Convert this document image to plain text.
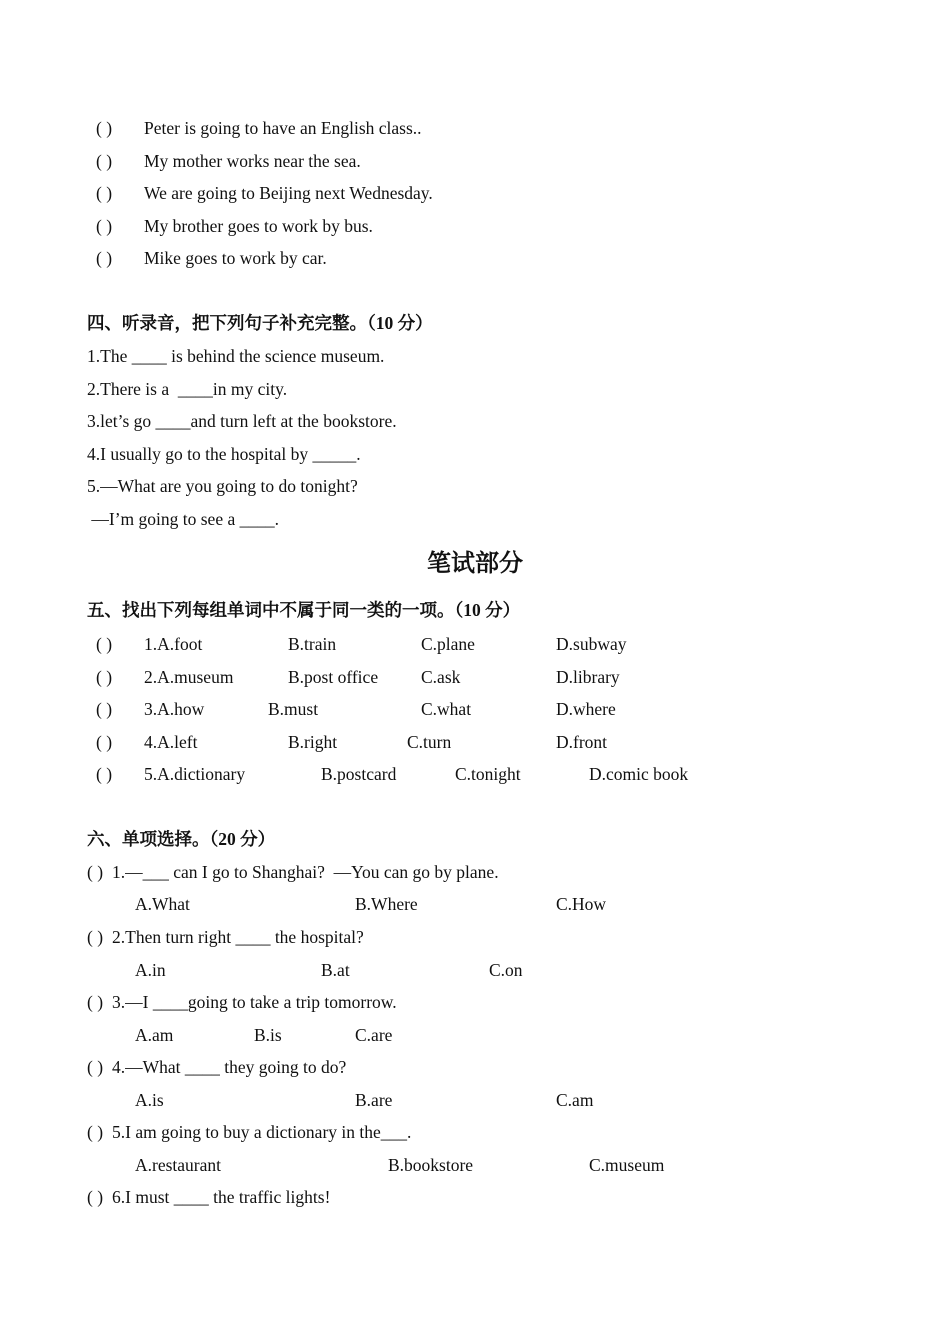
( ) Peter is going to have an English class..
( ) My mother works near the sea.
( ) We are going to Beijing next Wednesday.
( ) My brother goes to work by bus.
( ) Mike goes to work by car.
四、听录音，把下列句子补充完整。（10 分）
1.The ____ is behind the science museum.
2.There is a  ____in my city.
3.let’s go ____and turn left at the bookstore.
4.I usually go to the hospital by _____.
5.—What are you going to do tonight?
—I’m going to see a ____.
笔试部分
五、找出下列每组单词中不属于同一类的一项。（10 分）
( ) 1.A.foot	B.train	C.plane	D.subway
( ) 2.A.museum	B.post office C.ask	D.library
( ) 3.A.how	B.must	C.what	D.where
( ) 4.A.left	B.right	C.turn	D.front
( ) 5.A.dictionary	B.postcard	C.tonight	D.comic book
六、单项选择。（20 分）
( ) 1.—___ can I go to Shanghai?  —You can go by plane.
A.What	B.Where	C.How
( ) 2.Then turn right ____ the hospital?
A.in	B.at	C.on
( ) 3.—I ____going to take a trip tomorrow.
A.am	B.is	C.are
( ) 4.—What ____ they going to do?
A.is	B.are	C.am
( ) 5.I am going to buy a dictionary in the___.
A.restaurant	B.bookstore	C.museum
( ) 6.I must ____ the traffic lights!
